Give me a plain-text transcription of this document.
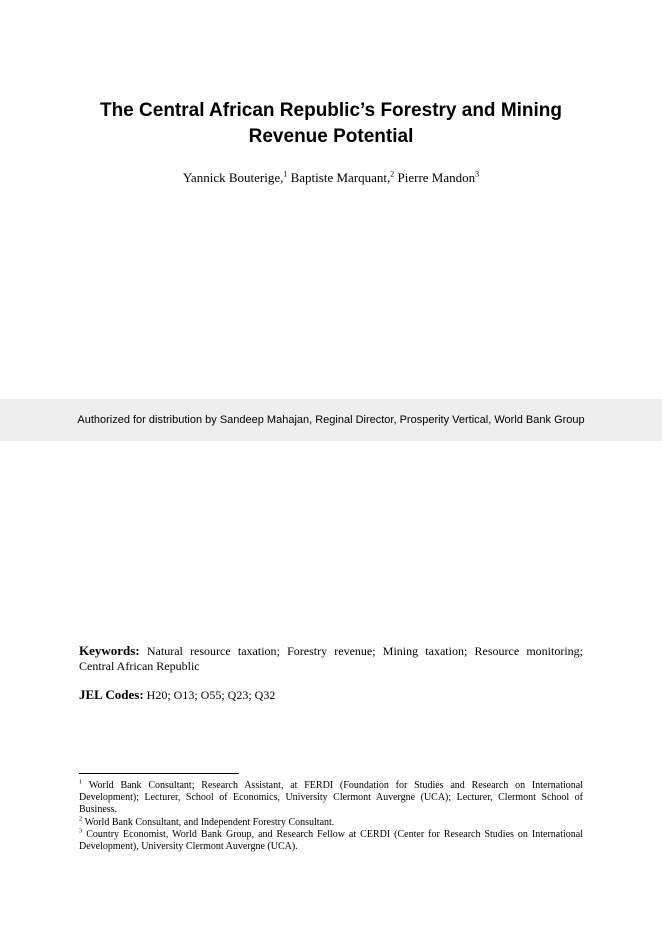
The Central African Republic’s Forestry and Mining Revenue Potential
Yannick Bouterige,$^1$ Baptiste Marquant,$^2$ Pierre Mandon$^3$
Authorized for distribution by Sandeep Mahajan, Reginal Director, Prosperity Vertical, World Bank Group
Keywords: Natural resource taxation; Forestry revenue; Mining taxation; Resource monitoring; Central African Republic
JEL Codes: H20; O13; O55; Q23; Q32

$^1$ World Bank Consultant; Research Assistant, at FERDI (Foundation for Studies and Research on International Development); Lecturer, School of Economics, University Clermont Auvergne (UCA); Lecturer, Clermont School of Business.

$^2$ World Bank Consultant, and Independent Forestry Consultant.

$^3$ Country Economist, World Bank Group, and Research Fellow at CERDI (Center for Research Studies on International Development), University Clermont Auvergne (UCA).
